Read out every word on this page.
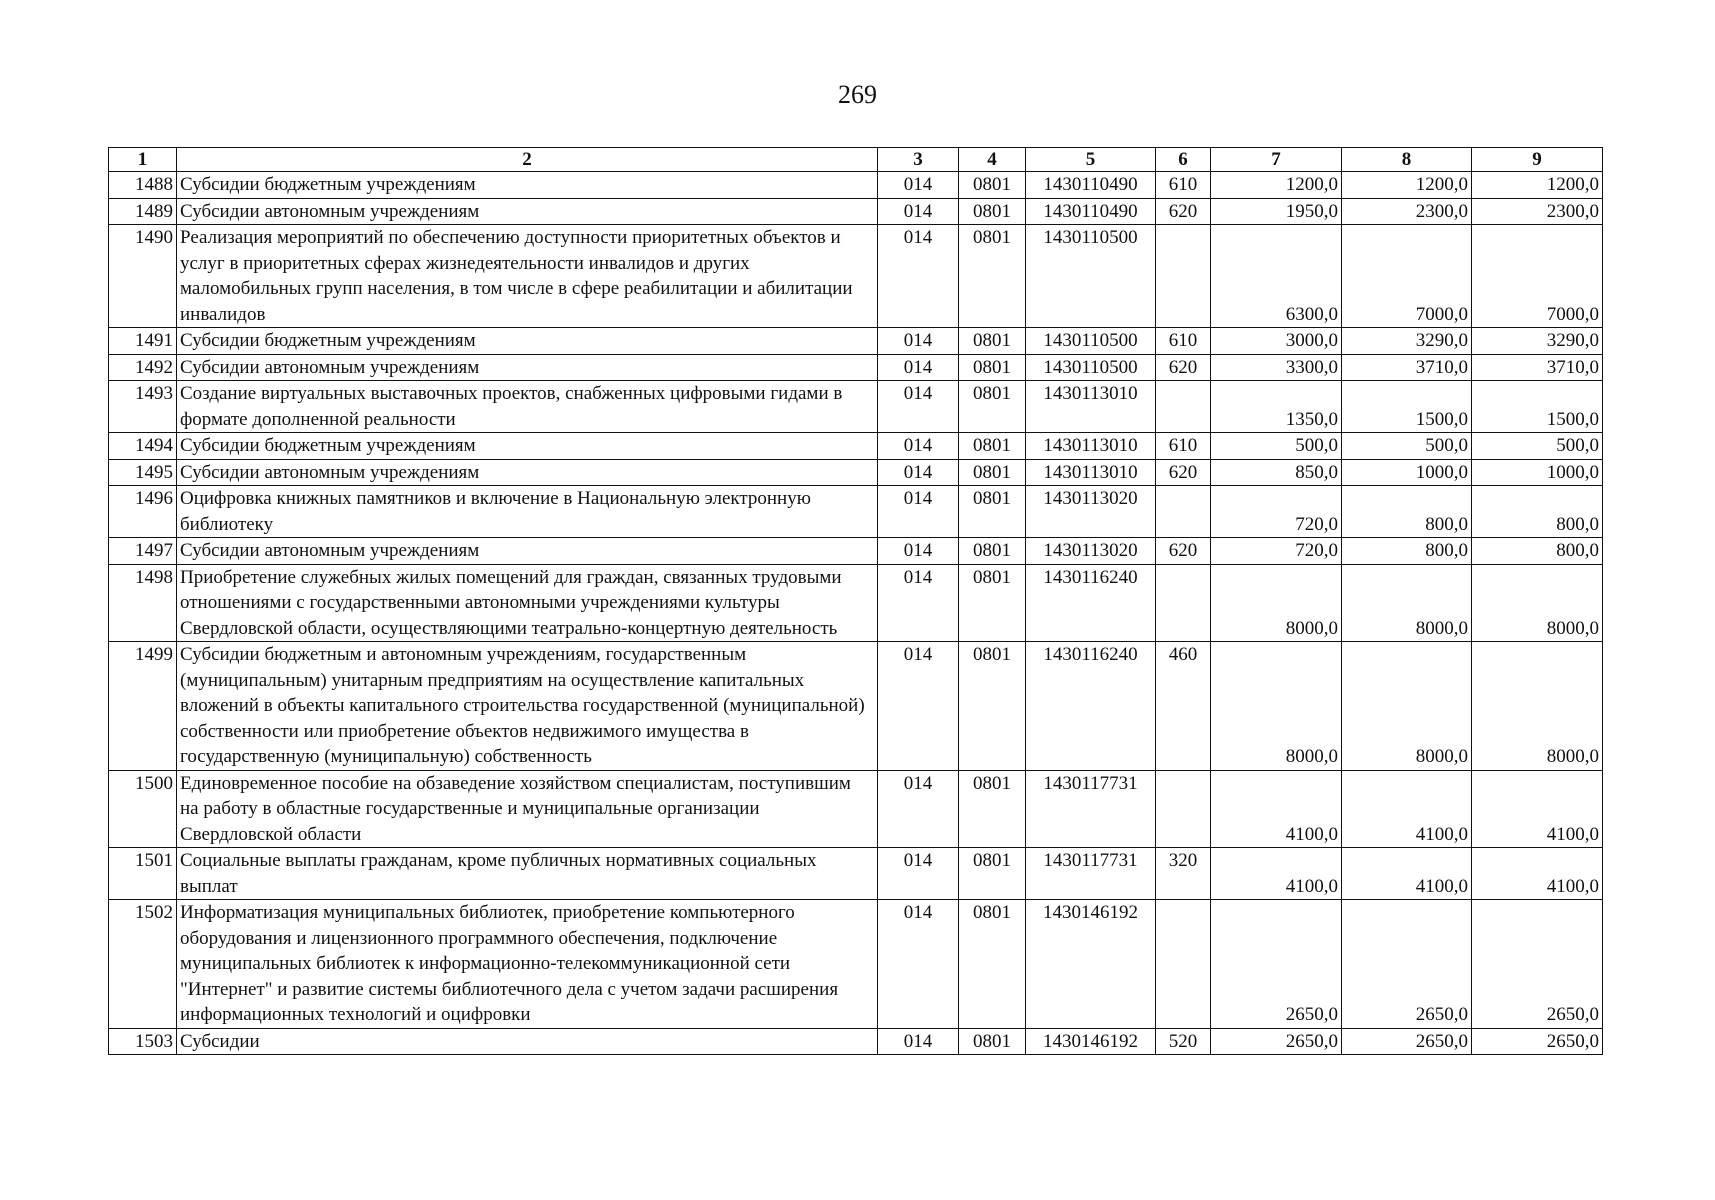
269
1	2	3	4	5	6	7	8	9
1488	Субсидии бюджетным учреждениям	014	0801	1430110490	610	1200,0	1200,0	1200,0
1489	Субсидии автономным учреждениям	014	0801	1430110490	620	1950,0	2300,0	2300,0
1490	Реализация мероприятий по обеспечению доступности приоритетных объектов и услуг в приоритетных сферах жизнедеятельности инвалидов и других маломобильных групп населения, в том числе в сфере реабилитации и абилитации инвалидов	014	0801	1430110500		6300,0	7000,0	7000,0
1491	Субсидии бюджетным учреждениям	014	0801	1430110500	610	3000,0	3290,0	3290,0
1492	Субсидии автономным учреждениям	014	0801	1430110500	620	3300,0	3710,0	3710,0
1493	Создание виртуальных выставочных проектов, снабженных цифровыми гидами в формате дополненной реальности	014	0801	1430113010		1350,0	1500,0	1500,0
1494	Субсидии бюджетным учреждениям	014	0801	1430113010	610	500,0	500,0	500,0
1495	Субсидии автономным учреждениям	014	0801	1430113010	620	850,0	1000,0	1000,0
1496	Оцифровка книжных памятников и включение в Национальную электронную библиотеку	014	0801	1430113020		720,0	800,0	800,0
1497	Субсидии автономным учреждениям	014	0801	1430113020	620	720,0	800,0	800,0
1498	Приобретение служебных жилых помещений для граждан, связанных трудовыми отношениями с государственными автономными учреждениями культуры Свердловской области, осуществляющими театрально-концертную деятельность	014	0801	1430116240		8000,0	8000,0	8000,0
1499	Субсидии бюджетным и автономным учреждениям, государственным (муниципальным) унитарным предприятиям на осуществление капитальных вложений в объекты капитального строительства государственной (муниципальной) собственности или приобретение объектов недвижимого имущества в государственную (муниципальную) собственность	014	0801	1430116240	460	8000,0	8000,0	8000,0
1500	Единовременное пособие на обзаведение хозяйством специалистам, поступившим на работу в областные государственные и муниципальные организации Свердловской области	014	0801	1430117731		4100,0	4100,0	4100,0
1501	Социальные выплаты гражданам, кроме публичных нормативных социальных выплат	014	0801	1430117731	320	4100,0	4100,0	4100,0
1502	Информатизация муниципальных библиотек, приобретение компьютерного оборудования и лицензионного программного обеспечения, подключение муниципальных библиотек к информационно-телекоммуникационной сети "Интернет" и развитие системы библиотечного дела с учетом задачи расширения информационных технологий и оцифровки	014	0801	1430146192		2650,0	2650,0	2650,0
1503	Субсидии	014	0801	1430146192	520	2650,0	2650,0	2650,0
